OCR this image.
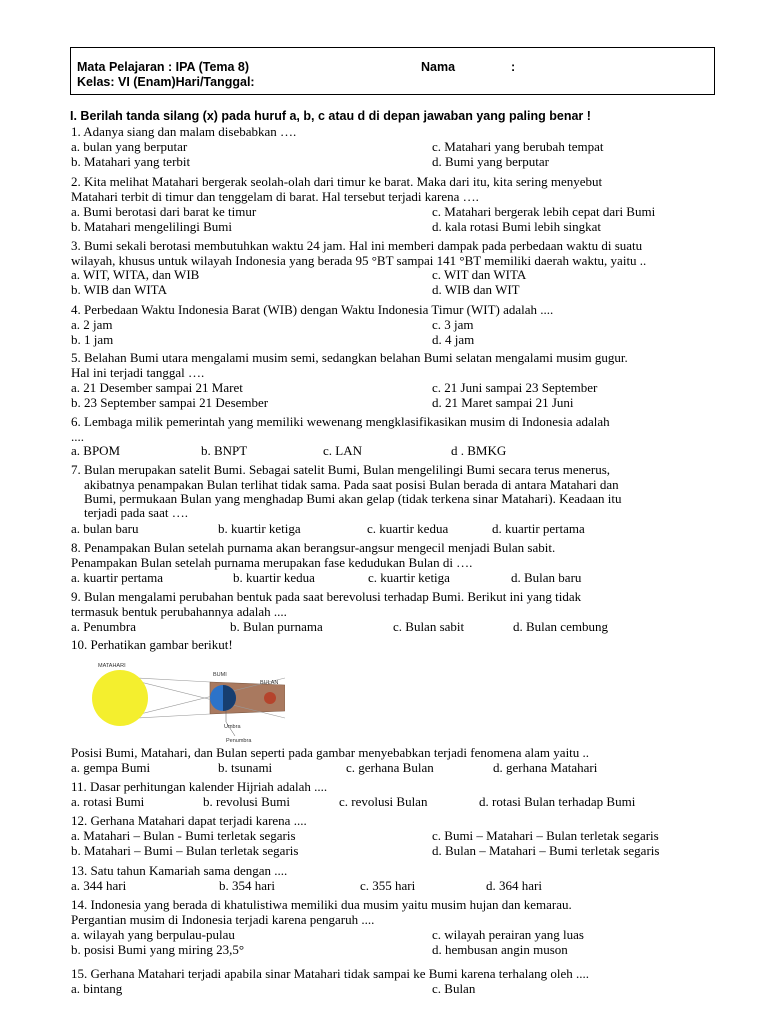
Mata Pelajaran : IPA (Tema 8)	Nama	:
Kelas: VI (Enam)Hari/Tanggal:
I. Berilah tanda silang (x) pada huruf a, b, c atau d di depan jawaban yang paling benar !
1. Adanya siang dan malam disebabkan ….
a. bulan yang berputar	c. Matahari yang berubah tempat
b. Matahari yang terbit	d. Bumi yang berputar
2. Kita melihat Matahari bergerak seolah-olah dari timur ke barat. Maka dari itu, kita sering menyebut
Matahari terbit di timur dan tenggelam di barat. Hal tersebut terjadi karena ….
a. Bumi berotasi dari barat ke timur	c. Matahari bergerak lebih cepat dari Bumi
b. Matahari mengelilingi Bumi	d. kala rotasi Bumi lebih singkat
3. Bumi sekali berotasi membutuhkan waktu 24 jam. Hal ini memberi dampak pada perbedaan waktu di suatu
wilayah, khusus untuk wilayah Indonesia yang berada 95 °BT sampai 141 °BT memiliki daerah waktu, yaitu ..
a. WIT, WITA, dan WIB	c. WIT dan WITA
b. WIB dan WITA	d. WIB dan WIT
4. Perbedaan Waktu Indonesia Barat (WIB) dengan Waktu Indonesia Timur (WIT) adalah ....
a. 2 jam	c. 3 jam
b. 1 jam	d. 4 jam
5. Belahan Bumi utara mengalami musim semi, sedangkan belahan Bumi selatan mengalami musim gugur.
Hal ini terjadi tanggal ….
a. 21 Desember sampai 21 Maret	c. 21 Juni sampai 23 September
b. 23 September sampai 21 Desember	d. 21 Maret sampai 21 Juni
6. Lembaga milik pemerintah yang memiliki wewenang mengklasifikasikan musim di Indonesia adalah
....
a. BPOM	b. BNPT	c. LAN	d . BMKG
7. Bulan merupakan satelit Bumi. Sebagai satelit Bumi, Bulan mengelilingi Bumi secara terus menerus,
akibatnya penampakan Bulan terlihat tidak sama. Pada saat posisi Bulan berada di antara Matahari dan
Bumi, permukaan Bulan yang menghadap Bumi akan gelap (tidak terkena sinar Matahari). Keadaan itu
terjadi pada saat ….
a. bulan baru	b. kuartir ketiga	c. kuartir kedua	d. kuartir pertama
8. Penampakan Bulan setelah purnama akan berangsur-angsur mengecil menjadi Bulan sabit.
Penampakan Bulan setelah purnama merupakan fase kedudukan Bulan di ….
a. kuartir pertama	b. kuartir kedua	c. kuartir ketiga	d. Bulan baru
9. Bulan mengalami perubahan bentuk pada saat berevolusi terhadap Bumi. Berikut ini yang tidak
termasuk bentuk perubahannya adalah ....
a. Penumbra	b. Bulan purnama	c. Bulan sabit	d. Bulan cembung
10. Perhatikan gambar berikut!
MATAHARI
BUMI
BULAN
Umbra
Penumbra
Posisi Bumi, Matahari, dan Bulan seperti pada gambar menyebabkan terjadi fenomena alam yaitu ..
a. gempa Bumi	b. tsunami	c. gerhana Bulan	d. gerhana Matahari
11. Dasar perhitungan kalender Hijriah adalah ....
a. rotasi Bumi	b. revolusi Bumi	c. revolusi Bulan	d. rotasi Bulan terhadap Bumi
12. Gerhana Matahari dapat terjadi karena ....
a. Matahari – Bulan - Bumi terletak segaris	c. Bumi – Matahari – Bulan terletak segaris
b. Matahari – Bumi – Bulan terletak segaris	d. Bulan – Matahari – Bumi terletak segaris
13. Satu tahun Kamariah sama dengan ....
a. 344 hari	b. 354 hari	c. 355 hari	d. 364 hari
14. Indonesia yang berada di khatulistiwa memiliki dua musim yaitu musim hujan dan kemarau.
Pergantian musim di Indonesia terjadi karena pengaruh ....
a. wilayah yang berpulau-pulau	c. wilayah perairan yang luas
b. posisi Bumi yang miring 23,5°	d. hembusan angin muson
15. Gerhana Matahari terjadi apabila sinar Matahari tidak sampai ke Bumi karena terhalang oleh ....
a. bintang	c. Bulan
